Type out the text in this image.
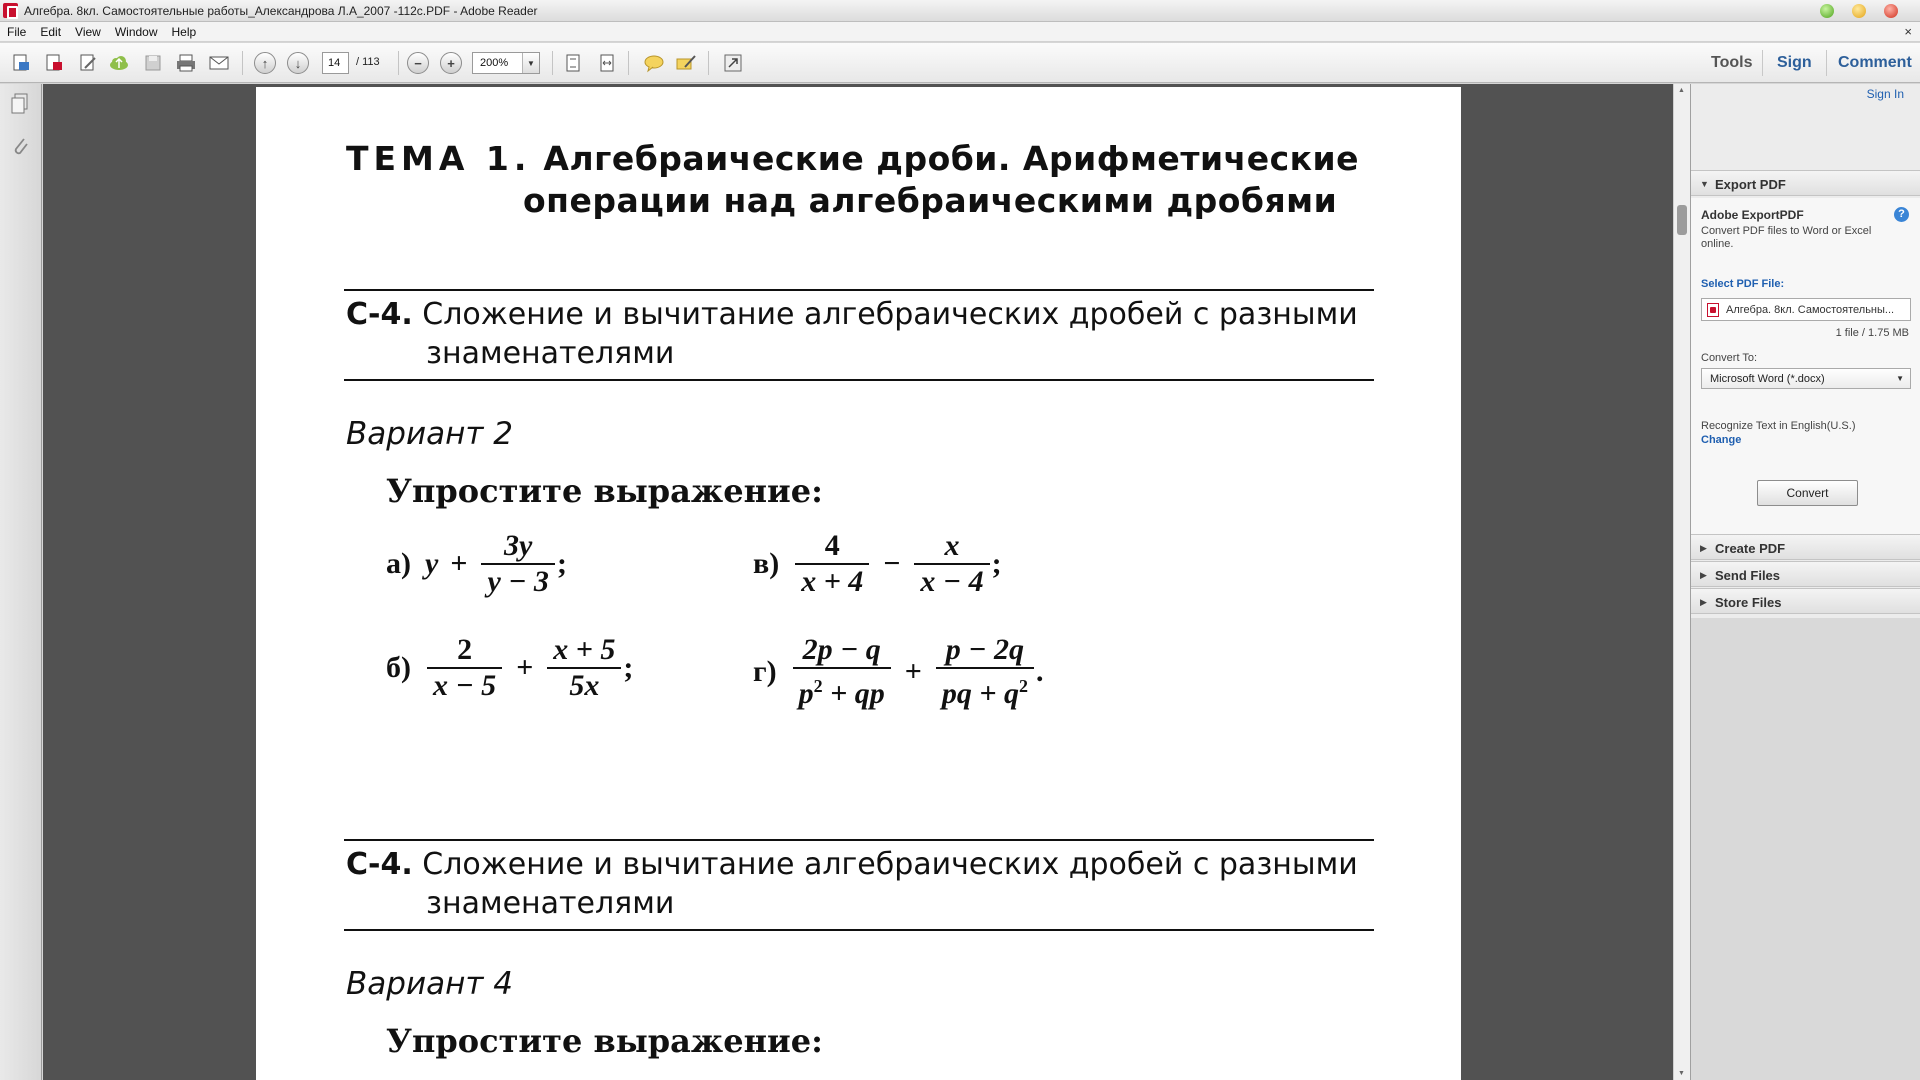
Алгебра. 8кл. Самостоятельные работы_Александрова Л.А_2007 -112с.PDF - Adobe Reader
File Edit View Window Help	×
↑	↓	14	/ 113	−	+	200%	▼	Tools Sign Comment
ТЕМА 1. Алгебраические дроби. Арифметические
операции над алгебраическими дробями
С-4. Сложение и вычитание алгебраических дробей с разными
знаменателями
Вариант 2
Упростите выражение:
а) $y + \frac{3y}{y - 3}$ ;	$в) \frac{4}{x + 4} - \frac{x}{x - 4}$ ;
$б) \frac{2}{x - 5} + \frac{x + 5}{5x}$ ;	$г) \frac{2p - q}{p^2 + qp} + \frac{p - 2q}{pq + q^2}$ .
С-4. Сложение и вычитание алгебраических дробей с разными
знаменателями
Вариант 4
Упростите выражение:
▲
▼
Sign In
▼ Export PDF
Adobe ExportPDF	?
Convert PDF files to Word or Excel online.
Select PDF File:
Алгебра. 8кл. Самостоятельны...
1 file / 1.75 MB
Convert To:
Microsoft Word (*.docx)	▼
Recognize Text in English(U.S.)
Change
Convert
▶ Create PDF
▶ Send Files
▶ Store Files
